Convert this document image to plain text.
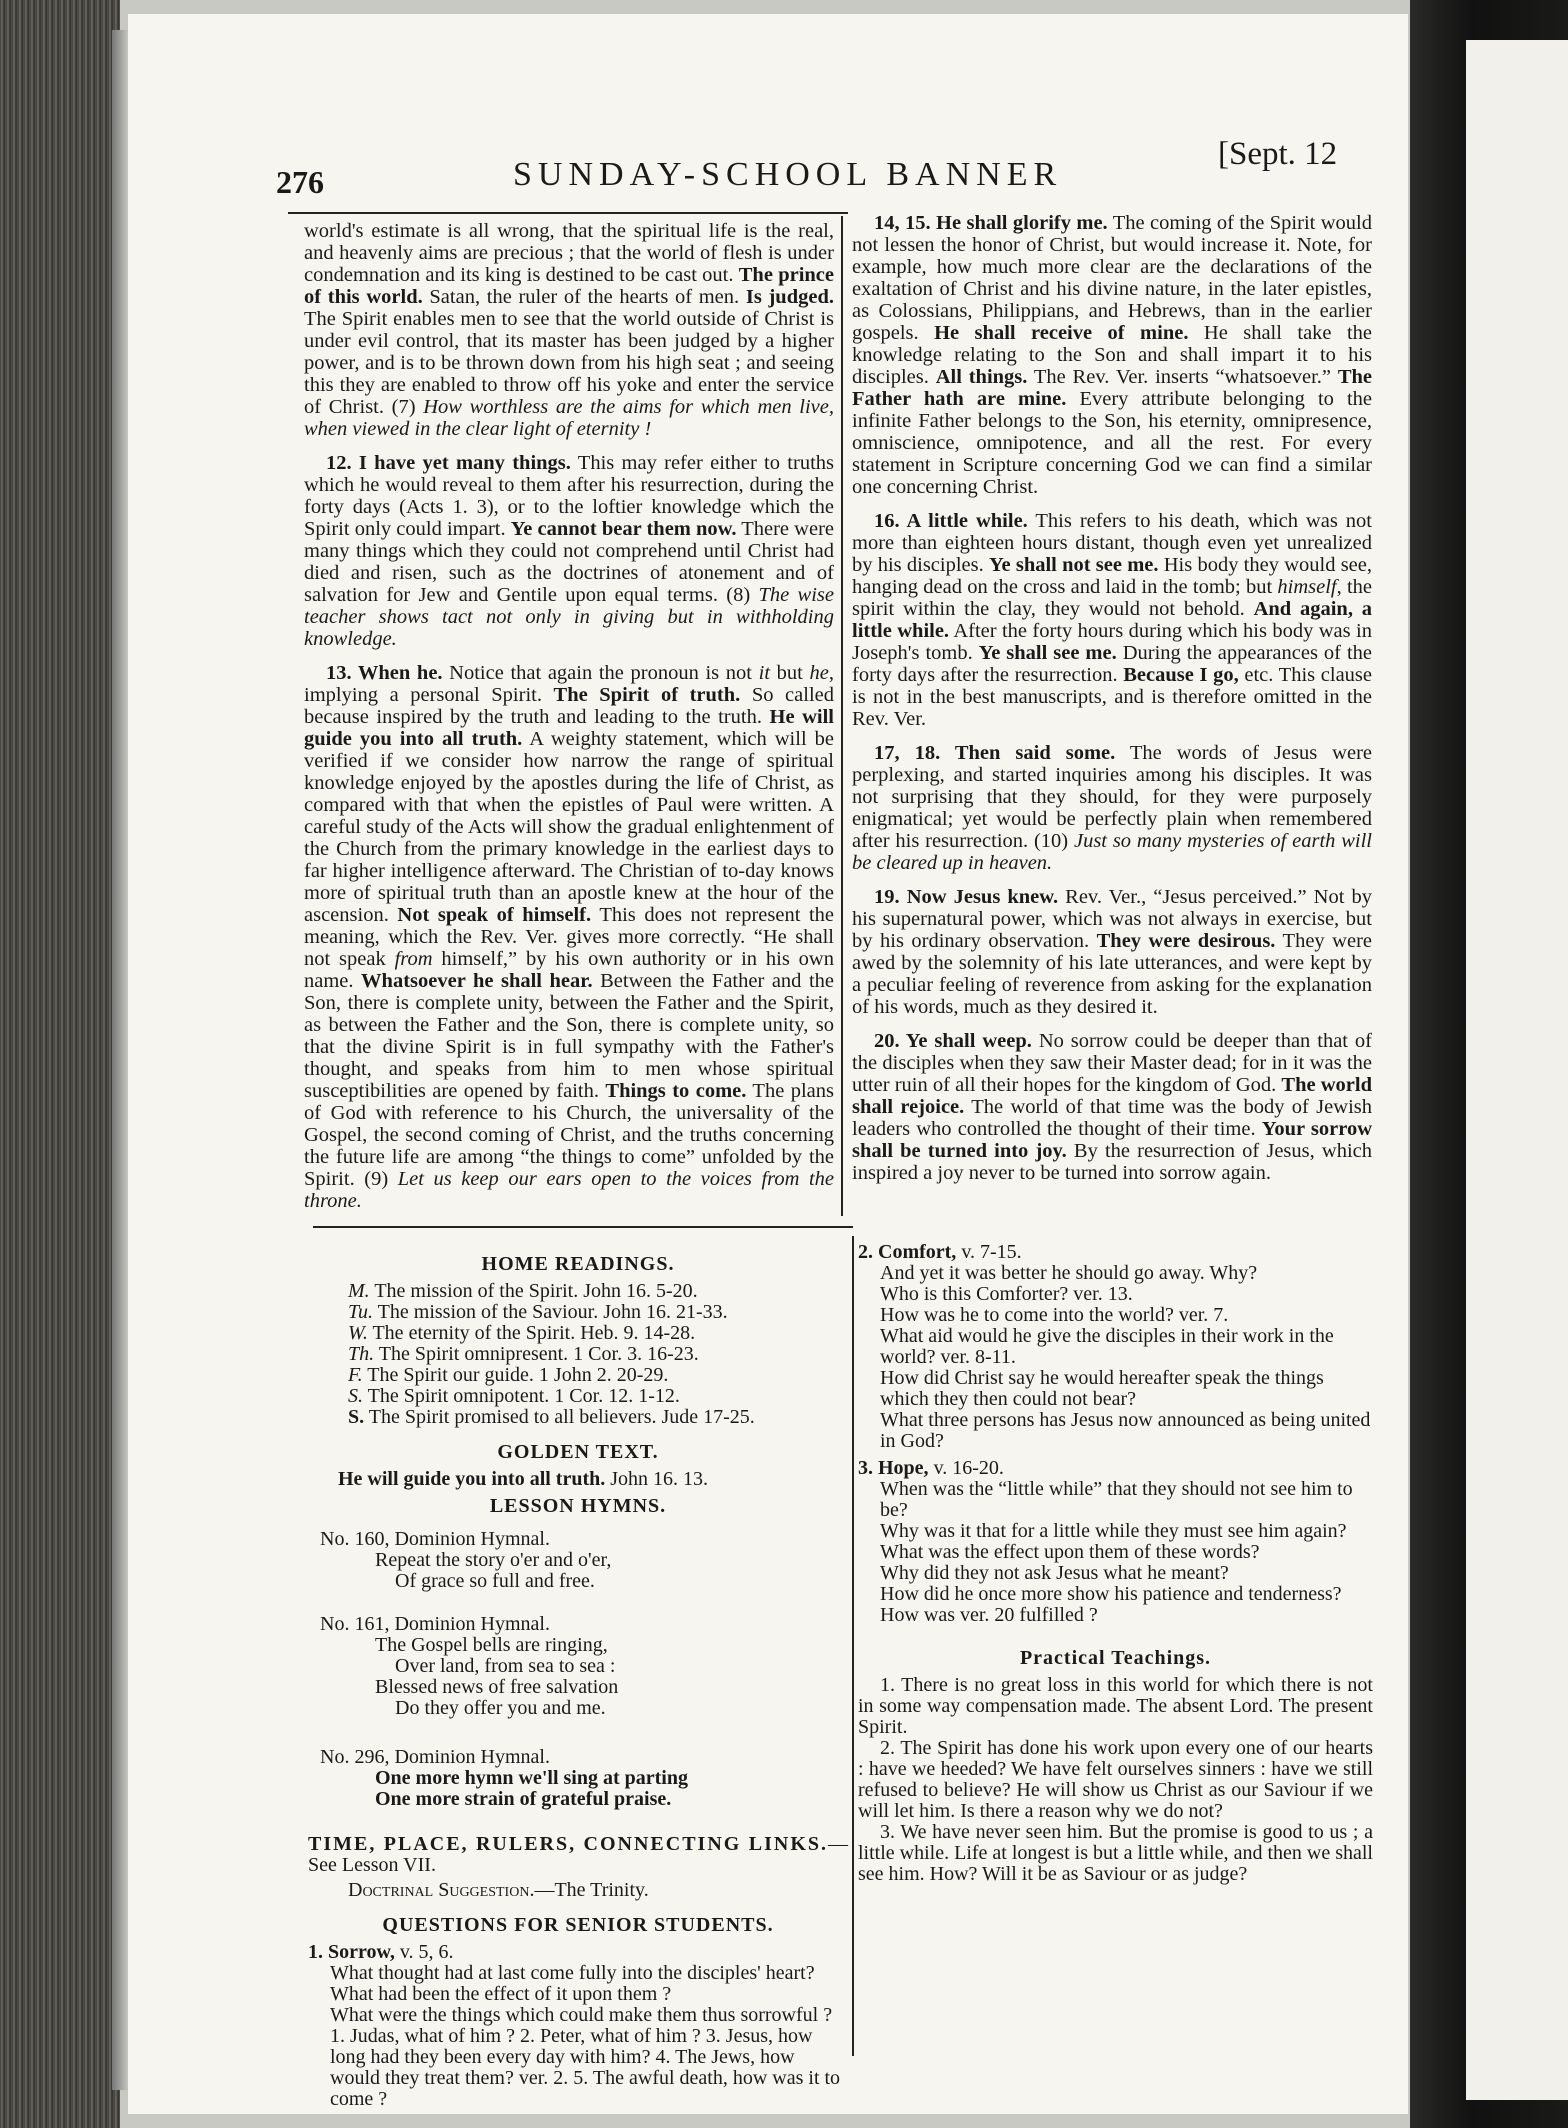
276	SUNDAY-SCHOOL BANNER
[Sept. 12

world's estimate is all wrong, that the spiritual life is the real, and heavenly aims are precious ; that the world of flesh is under condemnation and its king is destined to be cast out. The prince of this world. Satan, the ruler of the hearts of men. Is judged. The Spirit enables men to see that the world outside of Christ is under evil control, that its master has been judged by a higher power, and is to be thrown down from his high seat ; and seeing this they are enabled to throw off his yoke and enter the service of Christ. (7) How worthless are the aims for which men live, when viewed in the clear light of eternity !

12. I have yet many things. This may refer either to truths which he would reveal to them after his resurrection, during the forty days (Acts 1. 3), or to the loftier knowledge which the Spirit only could impart. Ye cannot bear them now. There were many things which they could not comprehend until Christ had died and risen, such as the doctrines of atonement and of salvation for Jew and Gentile upon equal terms. (8) The wise teacher shows tact not only in giving but in withholding knowledge.

13. When he. Notice that again the pronoun is not it but he, implying a personal Spirit. The Spirit of truth. So called because inspired by the truth and leading to the truth. He will guide you into all truth. A weighty statement, which will be verified if we consider how narrow the range of spiritual knowledge enjoyed by the apostles during the life of Christ, as compared with that when the epistles of Paul were written. A careful study of the Acts will show the gradual enlightenment of the Church from the primary knowledge in the earliest days to far higher intelligence afterward. The Christian of to-day knows more of spiritual truth than an apostle knew at the hour of the ascension. Not speak of himself. This does not represent the meaning, which the Rev. Ver. gives more correctly. “He shall not speak from himself,” by his own authority or in his own name. Whatsoever he shall hear. Between the Father and the Son, there is complete unity, between the Father and the Spirit, as between the Father and the Son, there is complete unity, so that the divine Spirit is in full sympathy with the Father's thought, and speaks from him to men whose spiritual susceptibilities are opened by faith. Things to come. The plans of God with reference to his Church, the universality of the Gospel, the second coming of Christ, and the truths concerning the future life are among “the things to come” unfolded by the Spirit. (9) Let us keep our ears open to the voices from the throne.

14, 15. He shall glorify me. The coming of the Spirit would not lessen the honor of Christ, but would increase it. Note, for example, how much more clear are the declarations of the exaltation of Christ and his divine nature, in the later epistles, as Colossians, Philippians, and Hebrews, than in the earlier gospels. He shall receive of mine. He shall take the knowledge relating to the Son and shall impart it to his disciples. All things. The Rev. Ver. inserts “whatsoever.” The Father hath are mine. Every attribute belonging to the infinite Father belongs to the Son, his eternity, omnipresence, omniscience, omnipotence, and all the rest. For every statement in Scripture concerning God we can find a similar one concerning Christ.

16. A little while. This refers to his death, which was not more than eighteen hours distant, though even yet unrealized by his disciples. Ye shall not see me. His body they would see, hanging dead on the cross and laid in the tomb; but himself, the spirit within the clay, they would not behold. And again, a little while. After the forty hours during which his body was in Joseph's tomb. Ye shall see me. During the appearances of the forty days after the resurrection. Because I go, etc. This clause is not in the best manuscripts, and is therefore omitted in the Rev. Ver.

17, 18. Then said some. The words of Jesus were perplexing, and started inquiries among his disciples. It was not surprising that they should, for they were purposely enigmatical; yet would be perfectly plain when remembered after his resurrection. (10) Just so many mysteries of earth will be cleared up in heaven.

19. Now Jesus knew. Rev. Ver., “Jesus perceived.” Not by his supernatural power, which was not always in exercise, but by his ordinary observation. They were desirous. They were awed by the solemnity of his late utterances, and were kept by a peculiar feeling of reverence from asking for the explanation of his words, much as they desired it.

20. Ye shall weep. No sorrow could be deeper than that of the disciples when they saw their Master dead; for in it was the utter ruin of all their hopes for the kingdom of God. The world shall rejoice. The world of that time was the body of Jewish leaders who controlled the thought of their time. Your sorrow shall be turned into joy. By the resurrection of Jesus, which inspired a joy never to be turned into sorrow again.

HOME READINGS.
M. The mission of the Spirit. John 16. 5-20.
Tu. The mission of the Saviour. John 16. 21-33.
W. The eternity of the Spirit. Heb. 9. 14-28.
Th. The Spirit omnipresent. 1 Cor. 3. 16-23.
F. The Spirit our guide. 1 John 2. 20-29.
S. The Spirit omnipotent. 1 Cor. 12. 1-12.
S. The Spirit promised to all believers. Jude 17-25.
GOLDEN TEXT.
He will guide you into all truth. John 16. 13.
LESSON HYMNS.
No. 160, Dominion Hymnal.
Repeat the story o'er and o'er,
Of grace so full and free.
No. 161, Dominion Hymnal.
The Gospel bells are ringing,
Over land, from sea to sea :
Blessed news of free salvation
Do they offer you and me.
No. 296, Dominion Hymnal.
One more hymn we'll sing at parting
One more strain of grateful praise.
TIME, PLACE, RULERS, CONNECTING LINKS.—See Lesson VII.
Doctrinal Suggestion.—The Trinity.
QUESTIONS FOR SENIOR STUDENTS.
1. Sorrow, v. 5, 6.
What thought had at last come fully into the disciples' heart?
What had been the effect of it upon them ?
What were the things which could make them thus sorrowful ? 1. Judas, what of him ? 2. Peter, what of him ? 3. Jesus, how long had they been every day with him? 4. The Jews, how would they treat them? ver. 2. 5. The awful death, how was it to come ?
2. Comfort, v. 7-15.
And yet it was better he should go away. Why?
Who is this Comforter? ver. 13.
How was he to come into the world? ver. 7.
What aid would he give the disciples in their work in the world? ver. 8-11.
How did Christ say he would hereafter speak the things which they then could not bear?
What three persons has Jesus now announced as being united in God?
3. Hope, v. 16-20.
When was the “little while” that they should not see him to be?
Why was it that for a little while they must see him again?
What was the effect upon them of these words?
Why did they not ask Jesus what he meant?
How did he once more show his patience and tenderness?
How was ver. 20 fulfilled ?
Practical Teachings.

1. There is no great loss in this world for which there is not in some way compensation made. The absent Lord. The present Spirit.

2. The Spirit has done his work upon every one of our hearts : have we heeded? We have felt ourselves sinners : have we still refused to believe? He will show us Christ as our Saviour if we will let him. Is there a reason why we do not?

3. We have never seen him. But the promise is good to us ; a little while. Life at longest is but a little while, and then we shall see him. How? Will it be as Saviour or as judge?
